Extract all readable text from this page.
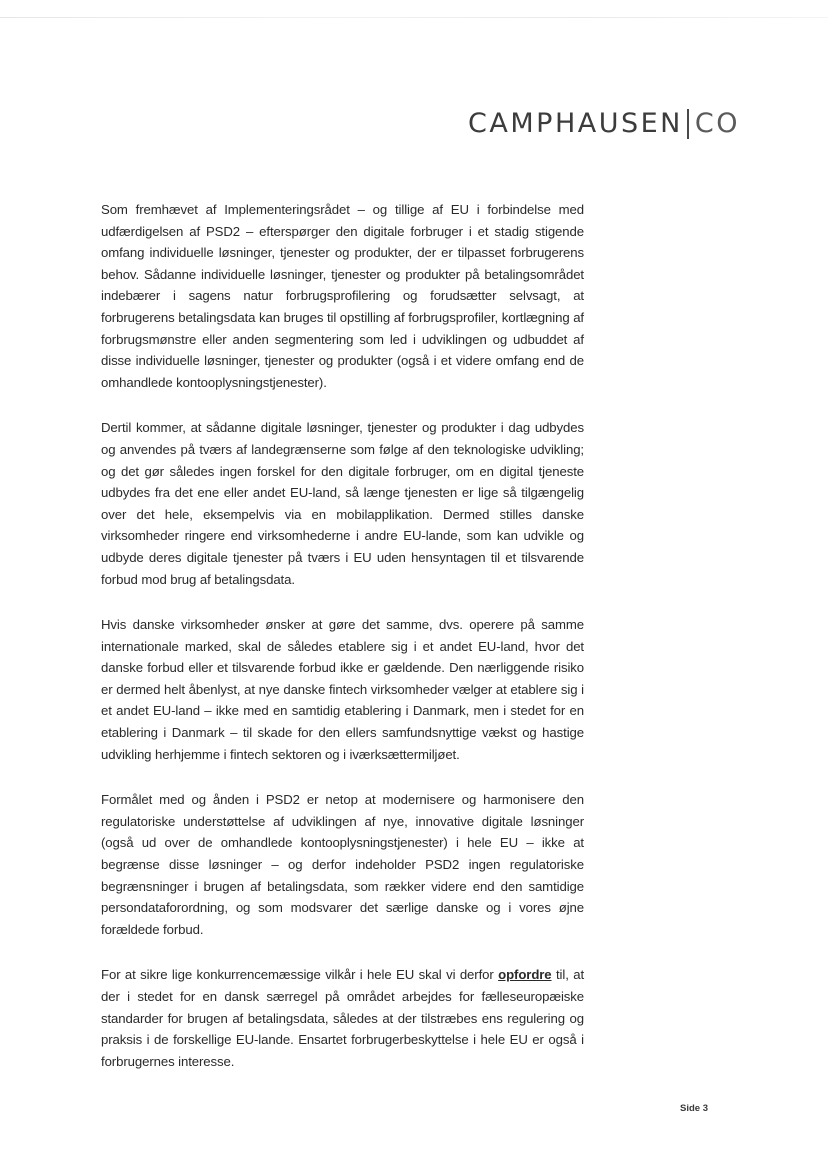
CAMPHAUSEN CO

Som fremhævet af Implementeringsrådet – og tillige af EU i forbindelse med udfærdigelsen af PSD2 – efterspørger den digitale forbruger i et stadig stigende omfang individuelle løsninger, tjenester og produkter, der er tilpasset forbrugerens behov. Sådanne individuelle løsninger, tjenester og produkter på betalingsområdet indebærer i sagens natur forbrugsprofilering og forudsætter selvsagt, at forbrugerens betalingsdata kan bruges til opstilling af forbrugsprofiler, kortlægning af forbrugsmønstre eller anden segmentering som led i udviklingen og udbuddet af disse individuelle løsninger, tjenester og produkter (også i et videre omfang end de omhandlede kontooplysningstjenester).

Dertil kommer, at sådanne digitale løsninger, tjenester og produkter i dag udbydes og anvendes på tværs af landegrænserne som følge af den teknologiske udvikling; og det gør således ingen forskel for den digitale forbruger, om en digital tjeneste udbydes fra det ene eller andet EU-land, så længe tjenesten er lige så tilgængelig over det hele, eksempelvis via en mobilapplikation. Dermed stilles danske virksomheder ringere end virksomhederne i andre EU-lande, som kan udvikle og udbyde deres digitale tjenester på tværs i EU uden hensyntagen til et tilsvarende forbud mod brug af betalingsdata.

Hvis danske virksomheder ønsker at gøre det samme, dvs. operere på samme internationale marked, skal de således etablere sig i et andet EU-land, hvor det danske forbud eller et tilsvarende forbud ikke er gældende. Den nærliggende risiko er dermed helt åbenlyst, at nye danske fintech virksomheder vælger at etablere sig i et andet EU-land – ikke med en samtidig etablering i Danmark, men i stedet for en etablering i Danmark – til skade for den ellers samfundsnyttige vækst og hastige udvikling herhjemme i fintech sektoren og i iværksættermiljøet.

Formålet med og ånden i PSD2 er netop at modernisere og harmonisere den regulatoriske understøttelse af udviklingen af nye, innovative digitale løsninger (også ud over de omhandlede kontooplysningstjenester) i hele EU – ikke at begrænse disse løsninger – og derfor indeholder PSD2 ingen regulatoriske begrænsninger i brugen af betalingsdata, som rækker videre end den samtidige persondataforordning, og som modsvarer det særlige danske og i vores øjne forældede forbud.

For at sikre lige konkurrencemæssige vilkår i hele EU skal vi derfor opfordre til, at der i stedet for en dansk særregel på området arbejdes for fælleseuropæiske standarder for brugen af betalingsdata, således at der tilstræbes ens regulering og praksis i de forskellige EU-lande. Ensartet forbrugerbeskyttelse i hele EU er også i forbrugernes interesse.

Side 3
